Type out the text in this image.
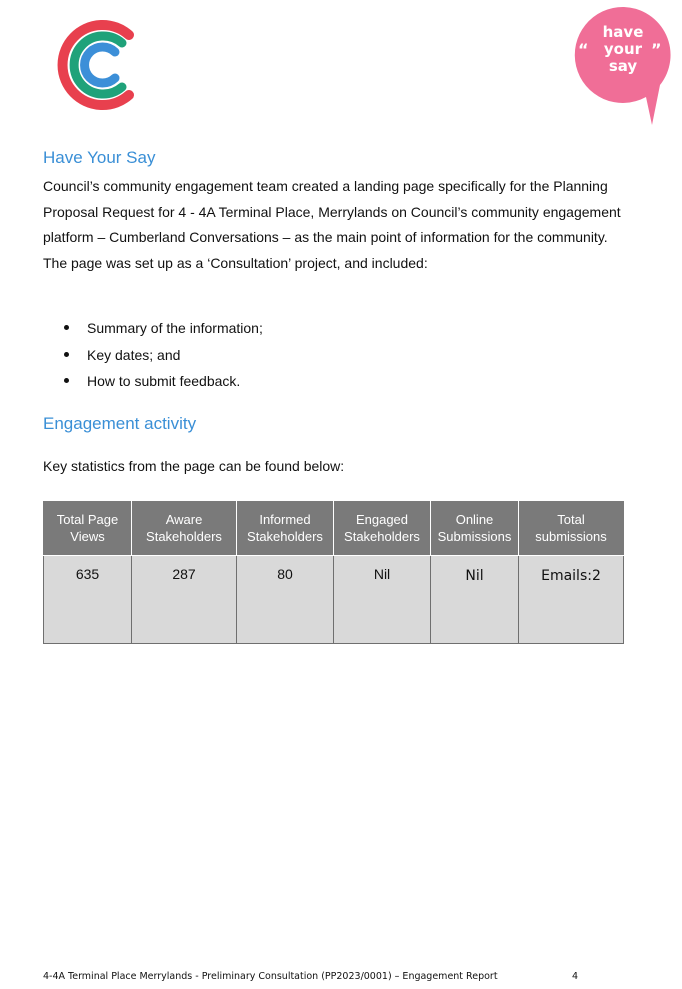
“	”
have
your
say
Have Your Say

Council’s community engagement team created a landing page specifically for the Planning Proposal Request for 4 - 4A Terminal Place, Merrylands on Council’s community engagement platform – Cumberland Conversations – as the main point of information for the community. The page was set up as a ‘Consultation’ project, and included:

Summary of the information;
Key dates; and
How to submit feedback.
Engagement activity

Key statistics from the page can be found below:

Total Page Views	Aware Stakeholders	Informed Stakeholders	Engaged Stakeholders	Online Submissions	Total submissions
635	287	80	Nil	Nil	Emails:2
4-4A Terminal Place Merrylands - Preliminary Consultation (PP2023/0001) – Engagement Report	4
